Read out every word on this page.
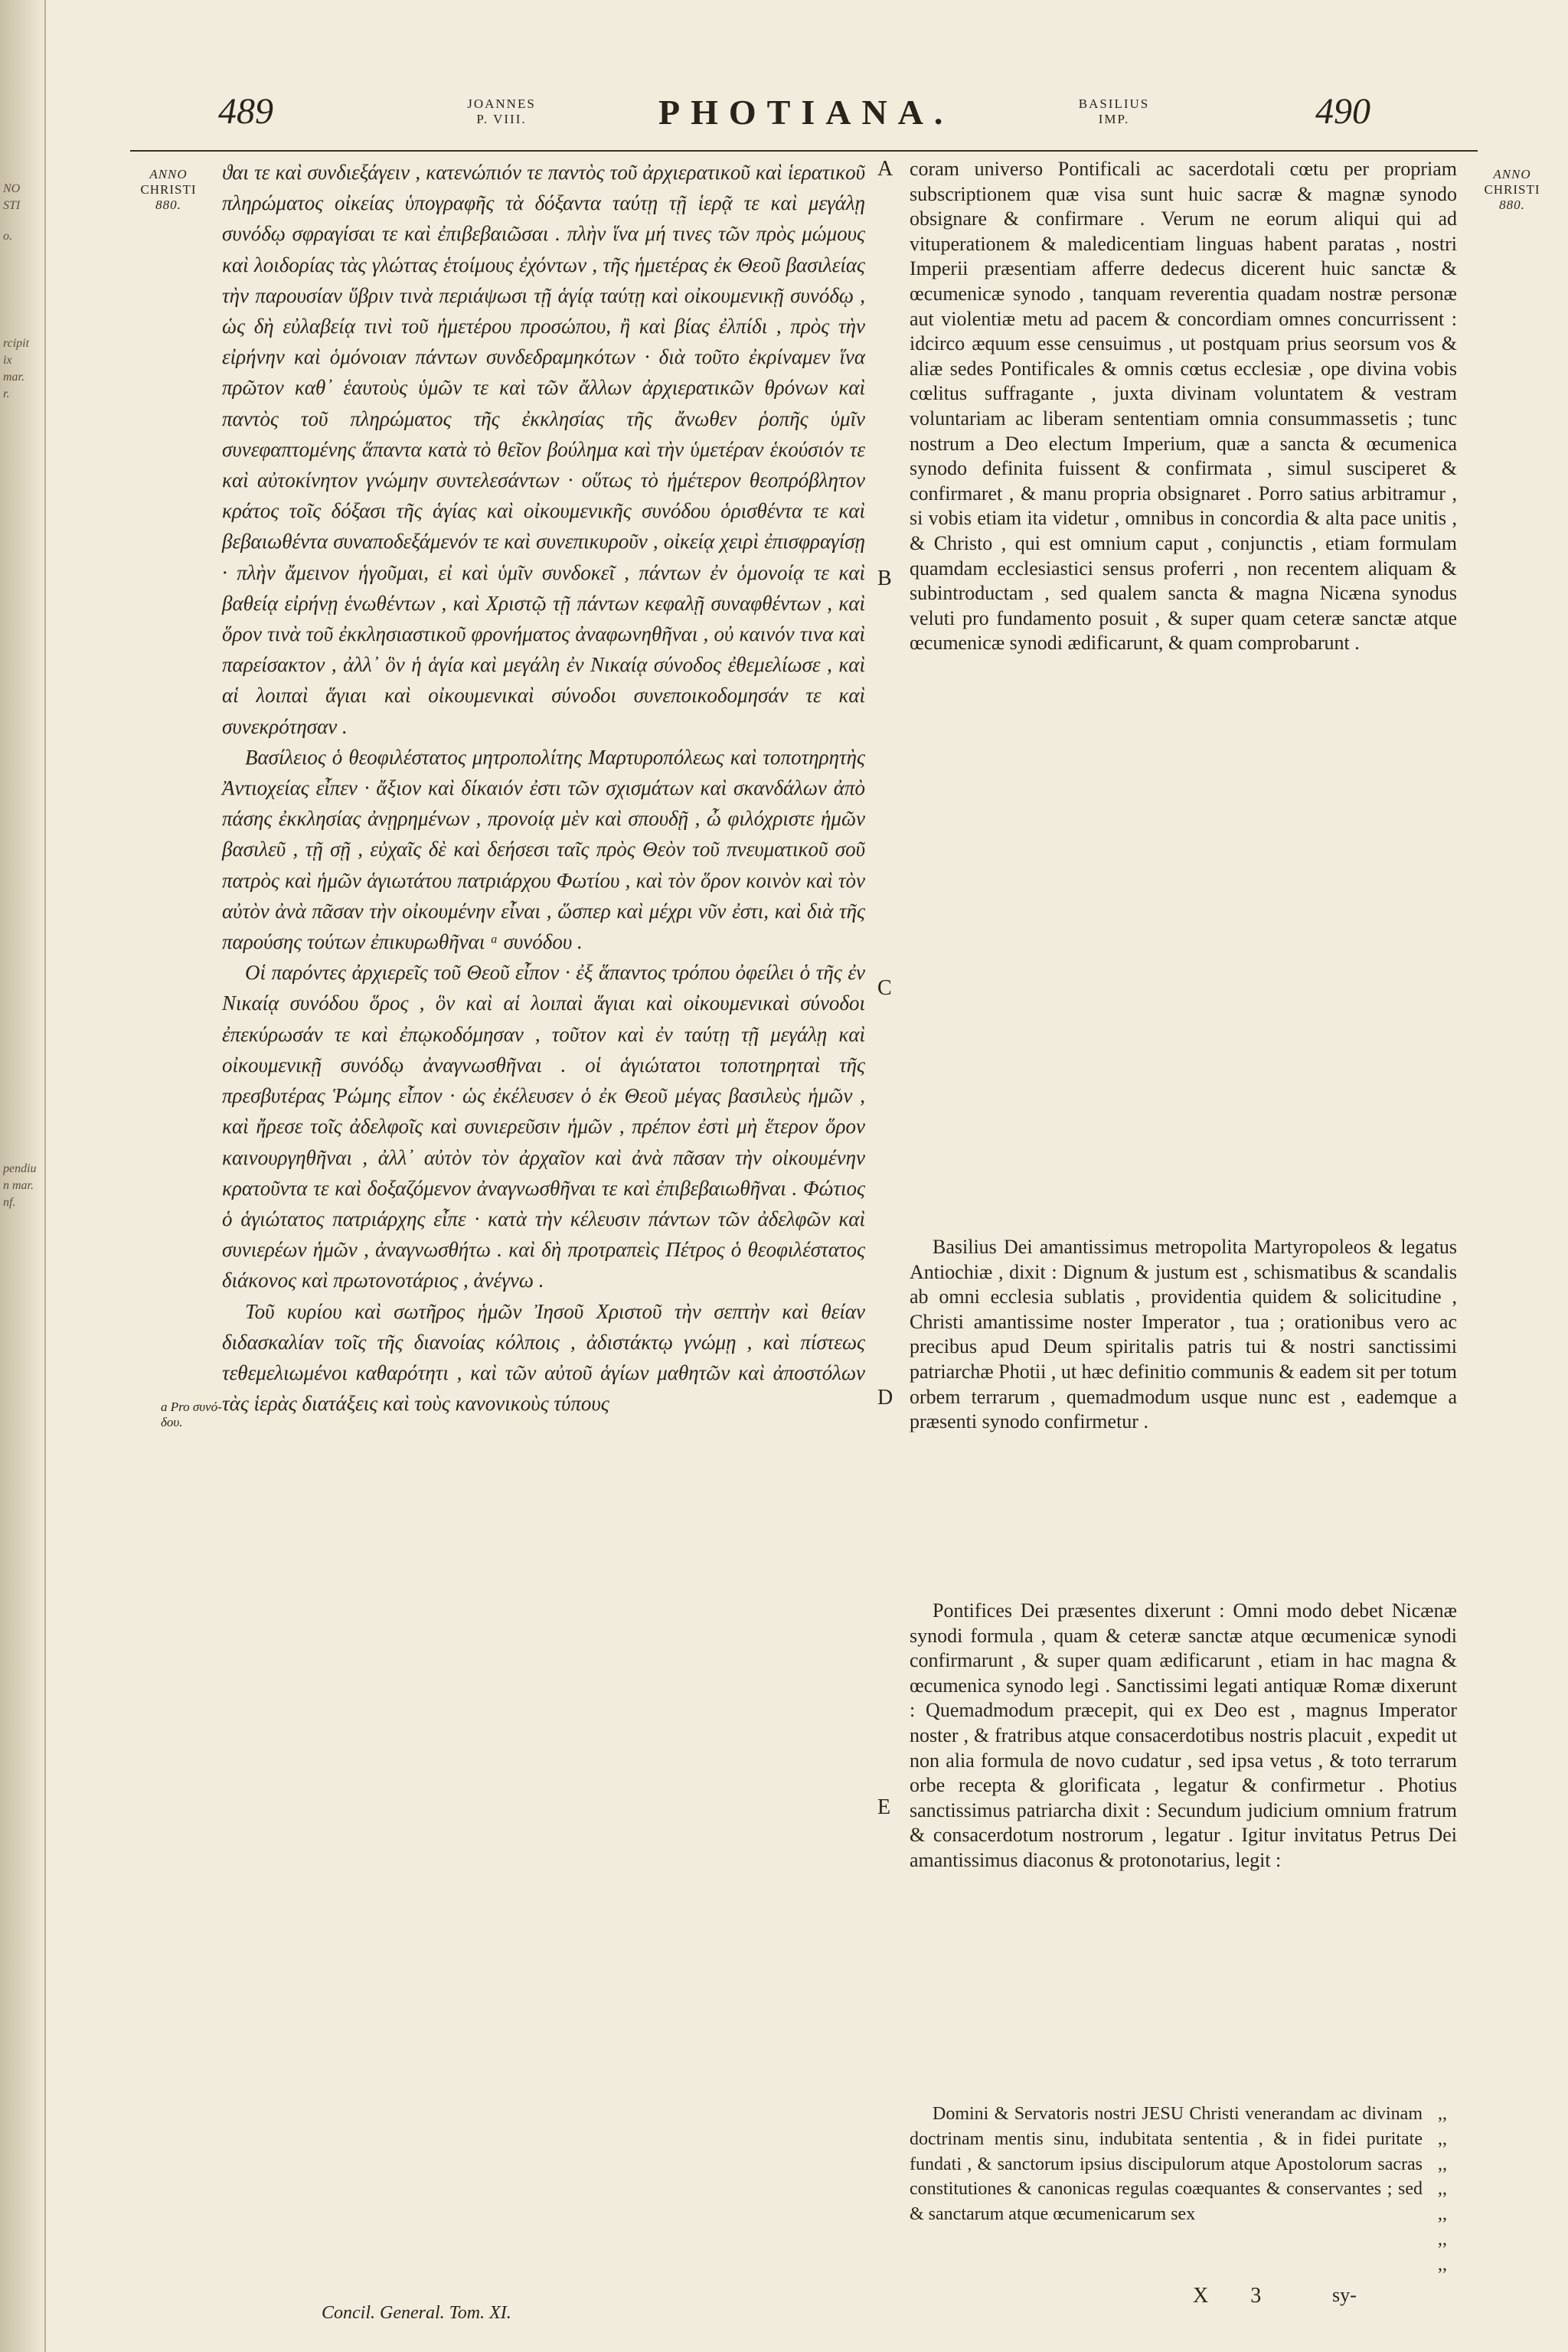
NO
STI
o.
rcipit
ix
mar.
r.
pendiu
n mar.
nf.
489	JOANNES
P. VIII.	PHOTIANA.	BASILIUS
IMP.	490
ANNO
CHRISTI
880.
ANNO
CHRISTI
880.
A
B
C
D
E
a Pro συνό-δου.

ϑαι τε καὶ συνδιεξάγειν , κατενώπιόν τε παντὸς τοῦ ἀρχιερατικοῦ καὶ ἱερατικοῦ πληρώματος οἰκείας ὑπογραφῆς τὰ δόξαντα ταύτῃ τῇ ἱερᾷ τε καὶ μεγάλῃ συνόδῳ σφραγίσαι τε καὶ ἐπιβεβαιῶσαι . πλὴν ἵνα μή τινες τῶν πρὸς μώμους καὶ λοιδορίας τὰς γλώττας ἑτοίμους ἐχόντων , τῆς ἡμετέρας ἐκ Θεοῦ βασιλείας τὴν παρουσίαν ὕβριν τινὰ περιάψωσι τῇ ἁγίᾳ ταύτῃ καὶ οἰκουμενικῇ συνόδῳ , ὡς δὴ εὐλαβείᾳ τινὶ τοῦ ἡμετέρου προσώπου, ἢ καὶ βίας ἐλπίδι , πρὸς τὴν εἰρήνην καὶ ὁμόνοιαν πάντων συνδεδραμηκότων · διὰ τοῦτο ἐκρίναμεν ἵνα πρῶτον καθ᾽ ἑαυτοὺς ὑμῶν τε καὶ τῶν ἄλλων ἀρχιερατικῶν θρόνων καὶ παντὸς τοῦ πληρώματος τῆς ἐκκλησίας τῆς ἄνωθεν ῥοπῆς ὑμῖν συνεφαπτομένης ἅπαντα κατὰ τὸ θεῖον βούλημα καὶ τὴν ὑμετέραν ἑκούσιόν τε καὶ αὐτοκίνητον γνώμην συντελεσάντων · οὕτως τὸ ἡμέτερον θεοπρόβλητον κράτος τοῖς δόξασι τῆς ἁγίας καὶ οἰκουμενικῆς συνόδου ὁρισθέντα τε καὶ βεβαιωθέντα συναποδεξάμενόν τε καὶ συνεπικυροῦν , οἰκείᾳ χειρὶ ἐπισφραγίσῃ · πλὴν ἄμεινον ἡγοῦμαι, εἰ καὶ ὑμῖν συνδοκεῖ , πάντων ἐν ὁμονοίᾳ τε καὶ βαθείᾳ εἰρήνῃ ἑνωθέντων , καὶ Χριστῷ τῇ πάντων κεφαλῇ συναφθέντων , καὶ ὅρον τινὰ τοῦ ἐκκλησιαστικοῦ φρονήματος ἀναφωνηθῆναι , οὐ καινόν τινα καὶ παρείσακτον , ἀλλ᾽ ὃν ἡ ἁγία καὶ μεγάλη ἐν Νικαίᾳ σύνοδος ἐθεμελίωσε , καὶ αἱ λοιπαὶ ἅγιαι καὶ οἰκουμενικαὶ σύνοδοι συνεποικοδομησάν τε καὶ συνεκρότησαν .

Βασίλειος ὁ θεοφιλέστατος μητροπολίτης Μαρτυροπόλεως καὶ τοποτηρητὴς Ἀντιοχείας εἶπεν · ἄξιον καὶ δίκαιόν ἐστι τῶν σχισμάτων καὶ σκανδάλων ἀπὸ πάσης ἐκκλησίας ἀνῃρημένων , προνοίᾳ μὲν καὶ σπουδῇ , ὦ φιλόχριστε ἡμῶν βασιλεῦ , τῇ σῇ , εὐχαῖς δὲ καὶ δεήσεσι ταῖς πρὸς Θεὸν τοῦ πνευματικοῦ σοῦ πατρὸς καὶ ἡμῶν ἁγιωτάτου πατριάρχου Φωτίου , καὶ τὸν ὅρον κοινὸν καὶ τὸν αὐτὸν ἀνὰ πᾶσαν τὴν οἰκουμένην εἶναι , ὥσπερ καὶ μέχρι νῦν ἐστι, καὶ διὰ τῆς παρούσης τούτων ἐπικυρωθῆναι ᵃ συνόδου .

Οἱ παρόντες ἀρχιερεῖς τοῦ Θεοῦ εἶπον · ἐξ ἅπαντος τρόπου ὀφείλει ὁ τῆς ἐν Νικαίᾳ συνόδου ὅρος , ὃν καὶ αἱ λοιπαὶ ἅγιαι καὶ οἰκουμενικαὶ σύνοδοι ἐπεκύρωσάν τε καὶ ἐπῳκοδόμησαν , τοῦτον καὶ ἐν ταύτῃ τῇ μεγάλῃ καὶ οἰκουμενικῇ συνόδῳ ἀναγνωσθῆναι . οἱ ἁγιώτατοι τοποτηρηταὶ τῆς πρεσβυτέρας Ῥώμης εἶπον · ὡς ἐκέλευσεν ὁ ἐκ Θεοῦ μέγας βασιλεὺς ἡμῶν , καὶ ἤρεσε τοῖς ἀδελφοῖς καὶ συνιερεῦσιν ἡμῶν , πρέπον ἐστὶ μὴ ἕτερον ὅρον καινουργηθῆναι , ἀλλ᾽ αὐτὸν τὸν ἀρχαῖον καὶ ἀνὰ πᾶσαν τὴν οἰκουμένην κρατοῦντα τε καὶ δοξαζόμενον ἀναγνωσθῆναι τε καὶ ἐπιβεβαιωθῆναι . Φώτιος ὁ ἁγιώτατος πατριάρχης εἶπε · κατὰ τὴν κέλευσιν πάντων τῶν ἀδελφῶν καὶ συνιερέων ἡμῶν , ἀναγνωσθήτω . καὶ δὴ προτραπεὶς Πέτρος ὁ θεοφιλέστατος διάκονος καὶ πρωτονοτάριος , ἀνέγνω .

Τοῦ κυρίου καὶ σωτῆρος ἡμῶν Ἰησοῦ Χριστοῦ τὴν σεπτὴν καὶ θείαν διδασκαλίαν τοῖς τῆς διανοίας κόλποις , ἀδιστάκτῳ γνώμῃ , καὶ πίστεως τεθεμελιωμένοι καθαρότητι , καὶ τῶν αὐτοῦ ἁγίων μαθητῶν καὶ ἀποστόλων τὰς ἱερὰς διατάξεις καὶ τοὺς κανονικοὺς τύπους

coram universo Pontificali ac sacerdotali cœtu per propriam subscriptionem quæ visa sunt huic sacræ & magnæ synodo obsignare & confirmare . Verum ne eorum aliqui qui ad vituperationem & maledicentiam linguas habent paratas , nostri Imperii præsentiam afferre dedecus dicerent huic sanctæ & œcumenicæ synodo , tanquam reverentia quadam nostræ personæ aut violentiæ metu ad pacem & concordiam omnes concurrissent : idcirco æquum esse censuimus , ut postquam prius seorsum vos & aliæ sedes Pontificales & omnis cœtus ecclesiæ , ope divina vobis cœlitus suffragante , juxta divinam voluntatem & vestram voluntariam ac liberam sententiam omnia consummassetis ; tunc nostrum a Deo electum Imperium, quæ a sancta & œcumenica synodo definita fuissent & confirmata , simul susciperet & confirmaret , & manu propria obsignaret . Porro satius arbitramur , si vobis etiam ita videtur , omnibus in concordia & alta pace unitis , & Christo , qui est omnium caput , conjunctis , etiam formulam quamdam ecclesiastici sensus proferri , non recentem aliquam & subintroductam , sed qualem sancta & magna Nicæna synodus veluti pro fundamento posuit , & super quam ceteræ sanctæ atque œcumenicæ synodi ædificarunt, & quam comprobarunt .

Basilius Dei amantissimus metropolita Martyropoleos & legatus Antiochiæ , dixit : Dignum & justum est , schismatibus & scandalis ab omni ecclesia sublatis , providentia quidem & solicitudine , Christi amantissime noster Imperator , tua ; orationibus vero ac precibus apud Deum spiritalis patris tui & nostri sanctissimi patriarchæ Photii , ut hæc definitio communis & eadem sit per totum orbem terrarum , quemadmodum usque nunc est , eademque a præsenti synodo confirmetur .

Pontifices Dei præsentes dixerunt : Omni modo debet Nicænæ synodi formula , quam & ceteræ sanctæ atque œcumenicæ synodi confirmarunt , & super quam ædificarunt , etiam in hac magna & œcumenica synodo legi . Sanctissimi legati antiquæ Romæ dixerunt : Quemadmodum præcepit, qui ex Deo est , magnus Imperator noster , & fratribus atque consacerdotibus nostris placuit , expedit ut non alia formula de novo cudatur , sed ipsa vetus , & toto terrarum orbe recepta & glorificata , legatur & confirmetur . Photius sanctissimus patriarcha dixit : Secundum judicium omnium fratrum & consacerdotum nostrorum , legatur . Igitur invitatus Petrus Dei amantissimus diaconus & protonotarius, legit :

Domini & Servatoris nostri JESU Christi venerandam ac divinam doctrinam mentis sinu, indubitata sententia , & in fidei puritate fundati , & sanctorum ipsius discipulorum atque Apostolorum sacras constitutiones & canonicas regulas coæquantes & conservantes ; sed & sanctarum atque œcumenicarum sex

,,
,,
,,
,,
,,
,,
,,
Concil. General. Tom. XI.
X 3	sy-
